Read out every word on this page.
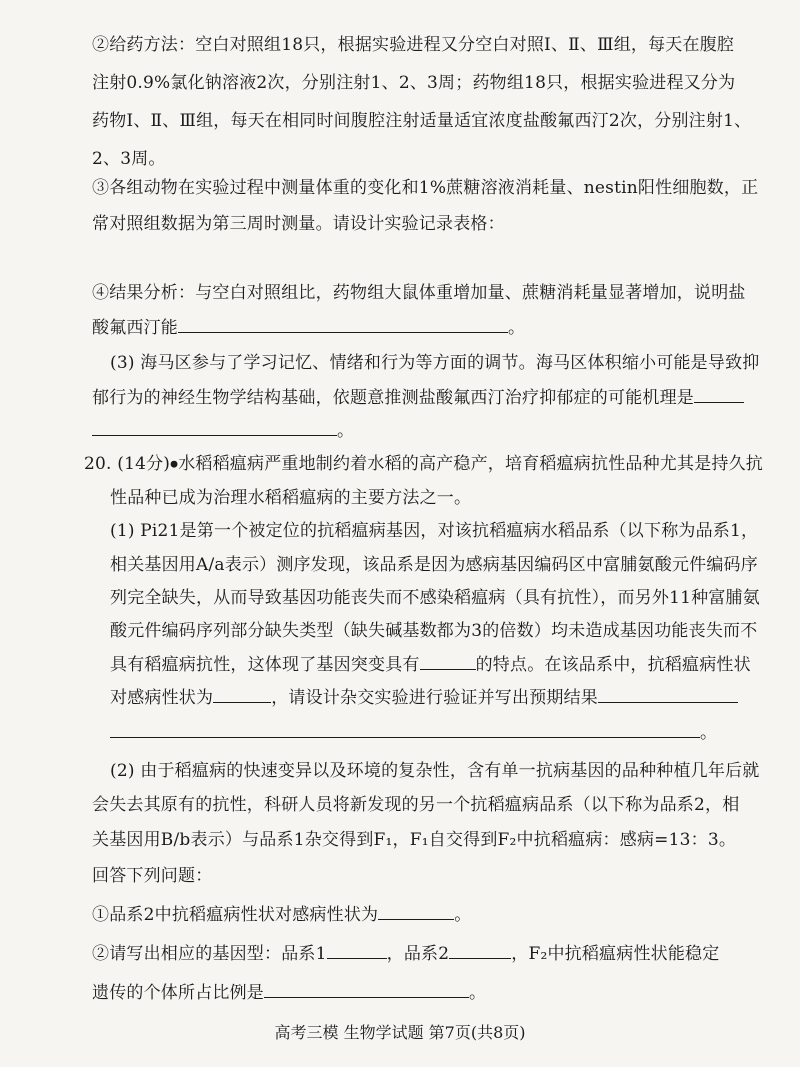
②给药方法：空白对照组18只，根据实验进程又分空白对照Ⅰ、Ⅱ、Ⅲ组，每天在腹腔
注射0.9%氯化钠溶液2次，分别注射1、2、3周；药物组18只，根据实验进程又分为
药物Ⅰ、Ⅱ、Ⅲ组，每天在相同时间腹腔注射适量适宜浓度盐酸氟西汀2次，分别注射1、
2、3周。
③各组动物在实验过程中测量体重的变化和1%蔗糖溶液消耗量、nestin阳性细胞数，正
常对照组数据为第三周时测量。请设计实验记录表格：
④结果分析：与空白对照组比，药物组大鼠体重增加量、蔗糖消耗量显著增加，说明盐
酸氟西汀能	。
(3) 海马区参与了学习记忆、情绪和行为等方面的调节。海马区体积缩小可能是导致抑
郁行为的神经生物学结构基础，依题意推测盐酸氟西汀治疗抑郁症的可能机理是
。
20. (14分)●水稻稻瘟病严重地制约着水稻的高产稳产，培育稻瘟病抗性品种尤其是持久抗
性品种已成为治理水稻稻瘟病的主要方法之一。
(1) Pi21是第一个被定位的抗稻瘟病基因，对该抗稻瘟病水稻品系（以下称为品系1，
相关基因用A/a表示）测序发现，该品系是因为感病基因编码区中富脯氨酸元件编码序
列完全缺失，从而导致基因功能丧失而不感染稻瘟病（具有抗性），而另外11种富脯氨
酸元件编码序列部分缺失类型（缺失碱基数都为3的倍数）均未造成基因功能丧失而不
具有稻瘟病抗性，这体现了基因突变具有	的特点。在该品系中，抗稻瘟病性状
对感病性状为	，请设计杂交实验进行验证并写出预期结果
。
(2) 由于稻瘟病的快速变异以及环境的复杂性，含有单一抗病基因的品种种植几年后就
会失去其原有的抗性，科研人员将新发现的另一个抗稻瘟病品系（以下称为品系2，相
关基因用B/b表示）与品系1杂交得到F₁，F₁自交得到F₂中抗稻瘟病：感病=13：3。
回答下列问题：
①品系2中抗稻瘟病性状对感病性状为	。
②请写出相应的基因型：品系1	，品系2	，F₂中抗稻瘟病性状能稳定
遗传的个体所占比例是	。
高考三模 生物学试题 第7页(共8页)
